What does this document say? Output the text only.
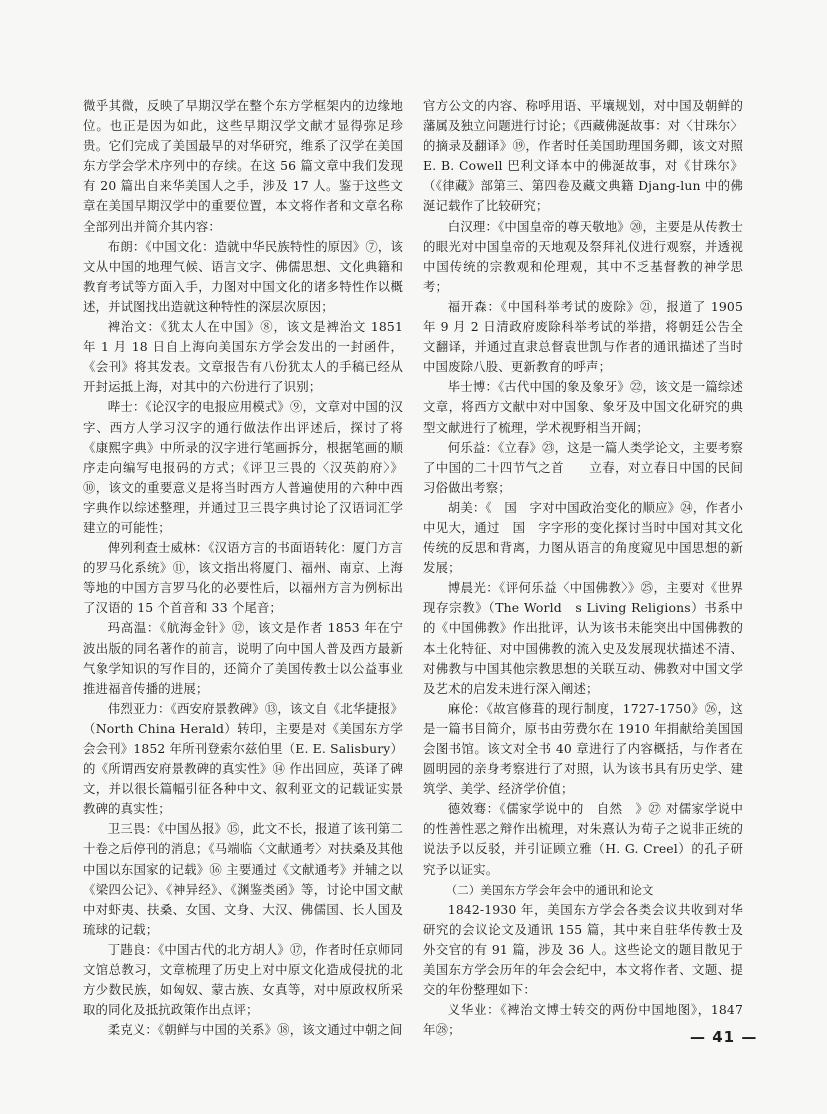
微乎其微，反映了早期汉学在整个东方学框架内的边缘地位。也正是因为如此，这些早期汉学文献才显得弥足珍贵。它们完成了美国最早的对华研究，维系了汉学在美国东方学会学术序列中的存续。在这 56 篇文章中我们发现有 20 篇出自来华美国人之手，涉及 17 人。鉴于这些文章在美国早期汉学中的重要位置，本文将作者和文章名称全部列出并简介其内容：

布朗：《中国文化：造就中华民族特性的原因》⑦，该文从中国的地理气候、语言文字、佛儒思想、文化典籍和教育考试等方面入手，力图对中国文化的诸多特性作以概述，并试图找出造就这种特性的深层次原因；

裨治文：《犹太人在中国》⑧，该文是裨治文 1851 年 1 月 18 日自上海向美国东方学会发出的一封函件，《会刊》将其发表。文章报告有八份犹太人的手稿已经从开封运抵上海，对其中的六份进行了识别；

哔士：《论汉字的电报应用模式》⑨，文章对中国的汉字、西方人学习汉字的通行做法作出评述后，探讨了将《康熙字典》中所录的汉字进行笔画拆分，根据笔画的顺序走向编写电报码的方式；《评卫三畏的〈汉英韵府〉》⑩，该文的重要意义是将当时西方人普遍使用的六种中西字典作以综述整理，并通过卫三畏字典讨论了汉语词汇学建立的可能性；

俾列利查士威林：《汉语方言的书面语转化：厦门方言的罗马化系统》⑪，该文指出将厦门、福州、南京、上海等地的中国方言罗马化的必要性后，以福州方言为例标出了汉语的 15 个首音和 33 个尾音；

玛高温：《航海金针》⑫，该文是作者 1853 年在宁波出版的同名著作的前言，说明了向中国人普及西方最新气象学知识的写作目的，还简介了美国传教士以公益事业推进福音传播的进展；

伟烈亚力：《西安府景教碑》⑬，该文自《北华捷报》（North China Herald）转印，主要是对《美国东方学会会刊》1852 年所刊登索尔兹伯里（E. E. Salisbury）的《所谓西安府景教碑的真实性》⑭ 作出回应，英译了碑文，并以很长篇幅引征各种中文、叙利亚文的记载证实景教碑的真实性；

卫三畏：《中国丛报》⑮，此文不长，报道了该刊第二十卷之后停刊的消息；《马端临〈文献通考〉对扶桑及其他中国以东国家的记载》⑯ 主要通过《文献通考》并辅之以《梁四公记》、《神异经》、《渊鉴类函》等，讨论中国文献中对虾夷、扶桑、女国、文身、大汉、佛儒国、长人国及琉球的记载；

丁韪良：《中国古代的北方胡人》⑰，作者时任京师同文馆总教习，文章梳理了历史上对中原文化造成侵扰的北方少数民族，如匈奴、蒙古族、女真等，对中原政权所采取的同化及抵抗政策作出点评；

柔克义：《朝鲜与中国的关系》⑱，该文通过中朝之间

官方公文的内容、称呼用语、平壤规划，对中国及朝鲜的藩属及独立问题进行讨论；《西藏佛涎故事：对〈甘珠尔〉的摘录及翻译》⑲，作者时任美国助理国务卿，该文对照 E. B. Cowell 巴利文译本中的佛涎故事，对《甘珠尔》（《律藏》部第三、第四卷及藏文典籍 Djang-lun 中的佛涎记载作了比较研究；

白汉理：《中国皇帝的尊天敬地》⑳，主要是从传教士的眼光对中国皇帝的天地观及祭拜礼仪进行观察，并透视中国传统的宗教观和伦理观，其中不乏基督教的神学思考；

福开森：《中国科举考试的废除》㉑，报道了 1905 年 9 月 2 日清政府废除科举考试的举措，将朝廷公告全文翻译，并通过直隶总督袁世凯与作者的通讯描述了当时中国废除八股、更新教育的呼声；

毕士博：《古代中国的象及象牙》㉒，该文是一篇综述文章，将西方文献中对中国象、象牙及中国文化研究的典型文献进行了梳理，学术视野相当开阔；

何乐益：《立春》㉓，这是一篇人类学论文，主要考察了中国的二十四节气之首　　立春，对立春日中国的民间习俗做出考察；

胡美：《　国　字对中国政治变化的顺应》㉔，作者小中见大，通过　国　字字形的变化探讨当时中国对其文化传统的反思和背离，力图从语言的角度窥见中国思想的新发展；

博晨光：《评何乐益〈中国佛教〉》㉕，主要对《世界现存宗教》（The World　s Living Religions）书系中的《中国佛教》作出批评，认为该书未能突出中国佛教的本土化特征、对中国佛教的流入史及发展现状描述不清、对佛教与中国其他宗教思想的关联互动、佛教对中国文学及艺术的启发未进行深入阐述；

麻伦：《故宫修葺的现行制度，1727-1750》㉖，这是一篇书目简介，原书由劳费尔在 1910 年捐献给美国国会图书馆。该文对全书 40 章进行了内容概括，与作者在圆明园的亲身考察进行了对照，认为该书具有历史学、建筑学、美学、经济学价值；

德效骞：《儒家学说中的　自然　》㉗ 对儒家学说中的性善性恶之辩作出梳理，对朱熹认为荀子之说非正统的说法予以反驳，并引证顾立雅（H. G. Creel）的孔子研究予以证实。

（二）美国东方学会年会中的通讯和论文

1842-1930 年，美国东方学会各类会议共收到对华研究的会议论文及通讯 155 篇，其中来自驻华传教士及外交官的有 91 篇，涉及 36 人。这些论文的题目散见于美国东方学会历年的年会会纪中，本文将作者、文题、提交的年份整理如下：

义华业：《裨治文博士转交的两份中国地图》，1847 年㉘；	— 41 —
